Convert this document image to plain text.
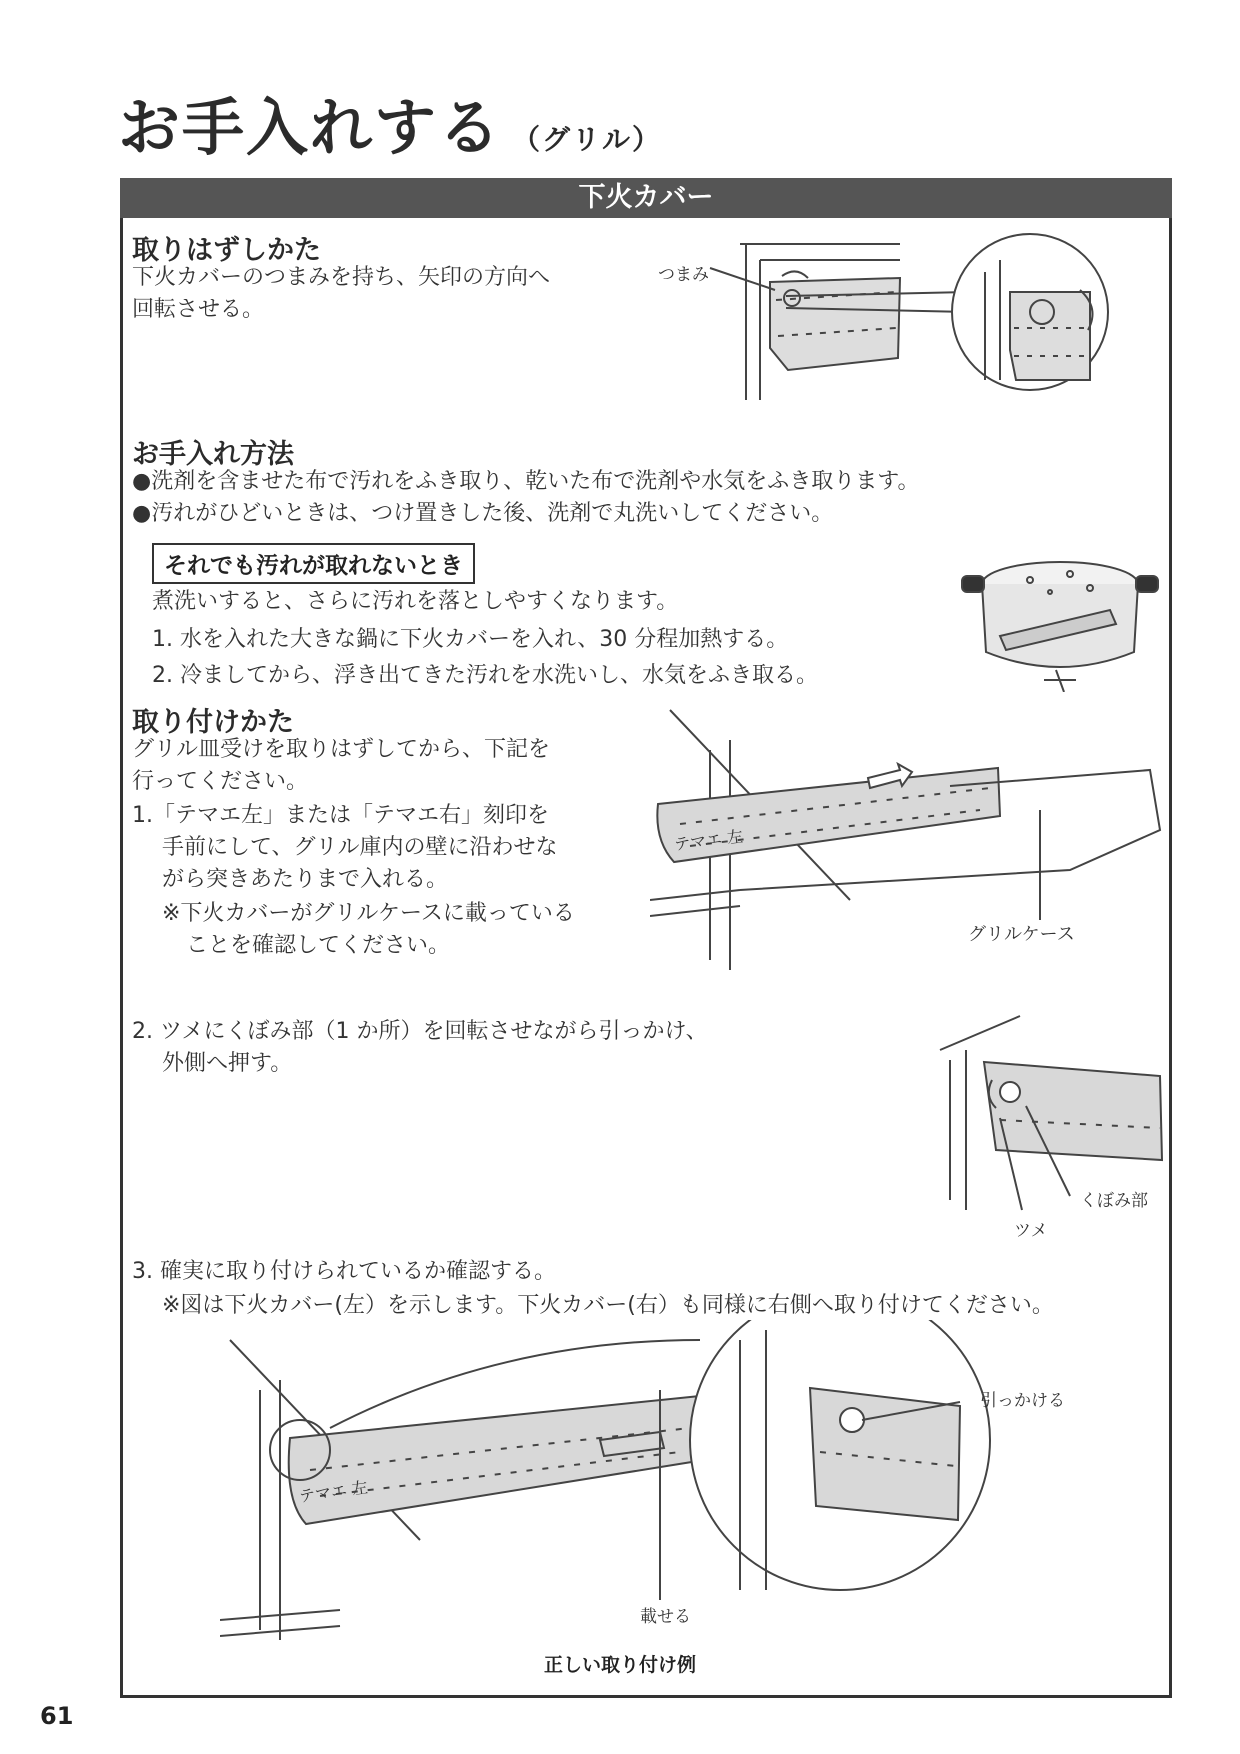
お手入れする （グリル）
下火カバー
取りはずしかた
下火カバーのつまみを持ち、矢印の方向へ
回転させる。
つまみ
お手入れ方法
●洗剤を含ませた布で汚れをふき取り、乾いた布で洗剤や水気をふき取ります。
●汚れがひどいときは、つけ置きした後、洗剤で丸洗いしてください。
それでも汚れが取れないとき
煮洗いすると、さらに汚れを落としやすくなります。
1. 水を入れた大きな鍋に下火カバーを入れ、30 分程加熱する。
2. 冷ましてから、浮き出てきた汚れを水洗いし、水気をふき取る。
取り付けかた
グリル皿受けを取りはずしてから、下記を
行ってください。
1.「テマエ左」または「テマエ右」刻印を
手前にして、グリル庫内の壁に沿わせな
がら突きあたりまで入れる。
※下火カバーがグリルケースに載っている
ことを確認してください。
テマエ 左
グリルケース
2. ツメにくぼみ部（1 か所）を回転させながら引っかけ、
外側へ押す。
ツメ
くぼみ部
3. 確実に取り付けられているか確認する。
※図は下火カバー(左）を示します。下火カバー(右）も同様に右側へ取り付けてください。
テマエ 左
引っかける
載せる
正しい取り付け例
61
